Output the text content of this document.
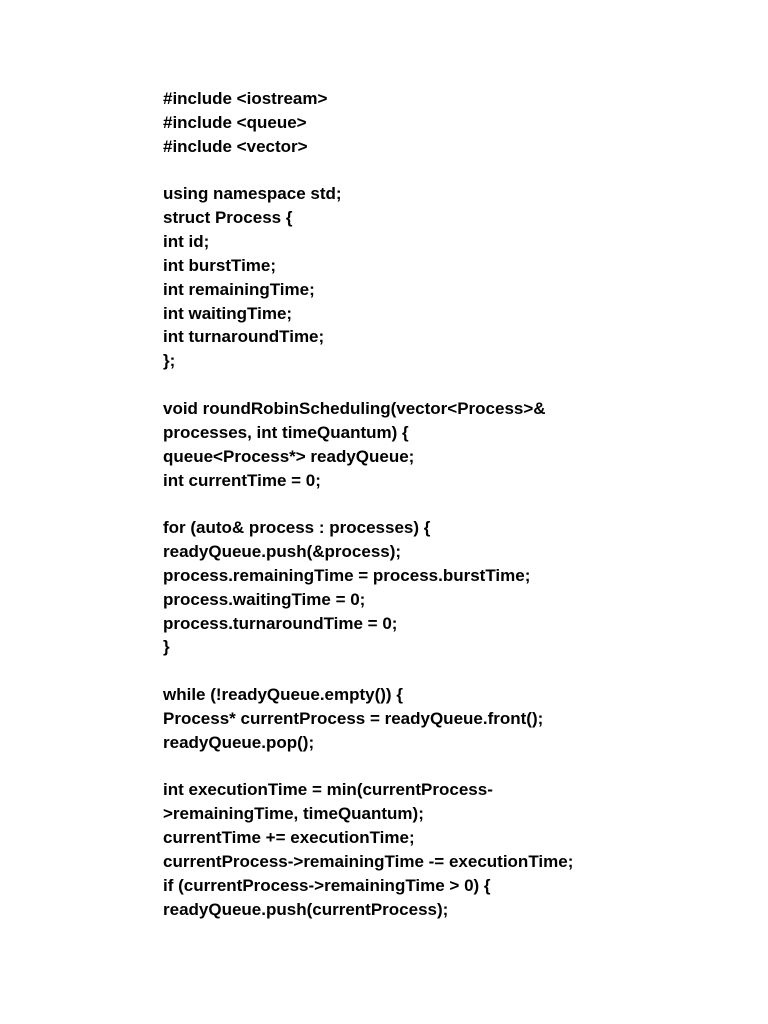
#include <iostream>
#include <queue>
#include <vector>
using namespace std;
struct Process {
int id;
int burstTime;
int remainingTime;
int waitingTime;
int turnaroundTime;
};
void roundRobinScheduling(vector<Process>&
processes, int timeQuantum) {
queue<Process*> readyQueue;
int currentTime = 0;
for (auto& process : processes) {
readyQueue.push(&process);
process.remainingTime = process.burstTime;
process.waitingTime = 0;
process.turnaroundTime = 0;
}
while (!readyQueue.empty()) {
Process* currentProcess = readyQueue.front();
readyQueue.pop();
int executionTime = min(currentProcess-
>remainingTime, timeQuantum);
currentTime += executionTime;
currentProcess->remainingTime -= executionTime;
if (currentProcess->remainingTime > 0) {
readyQueue.push(currentProcess);
